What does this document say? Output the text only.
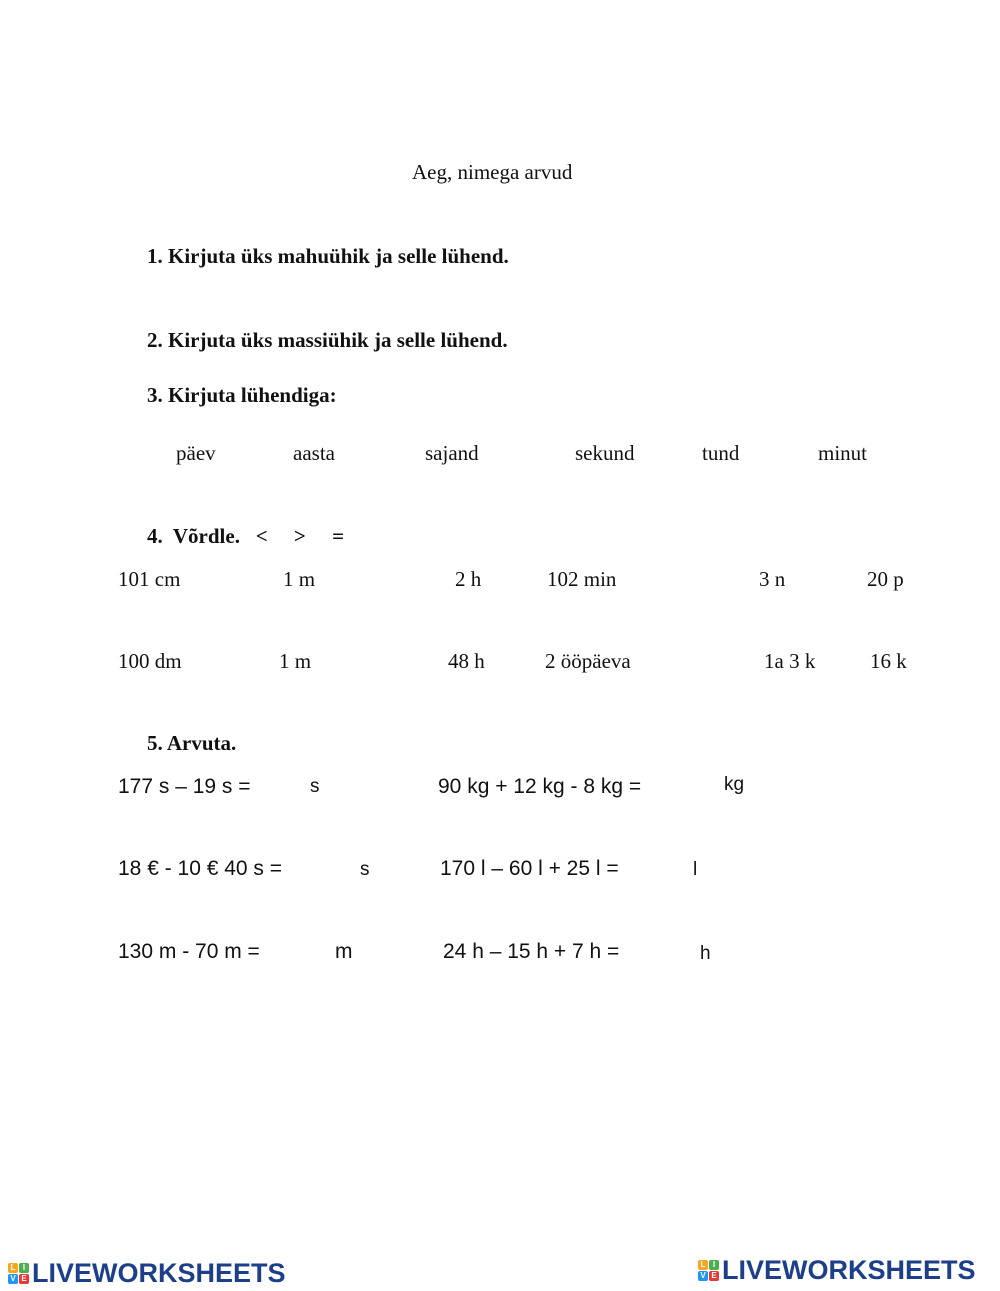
Aeg, nimega arvud
1. Kirjuta üks mahuühik ja selle lühend.
2. Kirjuta üks massiühik ja selle lühend.
3. Kirjuta lühendiga:
päev	aasta	sajand	sekund	tund	minut
4.  Võrdle.   <     >     =
101 cm	1 m	2 h	102 min	3 n	20 p
100 dm	1 m	48 h	2 ööpäeva	1a 3 k	16 k
5. Arvuta.
177 s – 19 s =	s	90 kg + 12 kg - 8 kg =	kg
18 € - 10 € 40 s =	s	170 l – 60 l + 25 l =	l
130 m - 70 m =	m	24 h – 15 h + 7 h =	h
L I
V E LIVEWORKSHEETS	L I
V E LIVEWORKSHEETS
